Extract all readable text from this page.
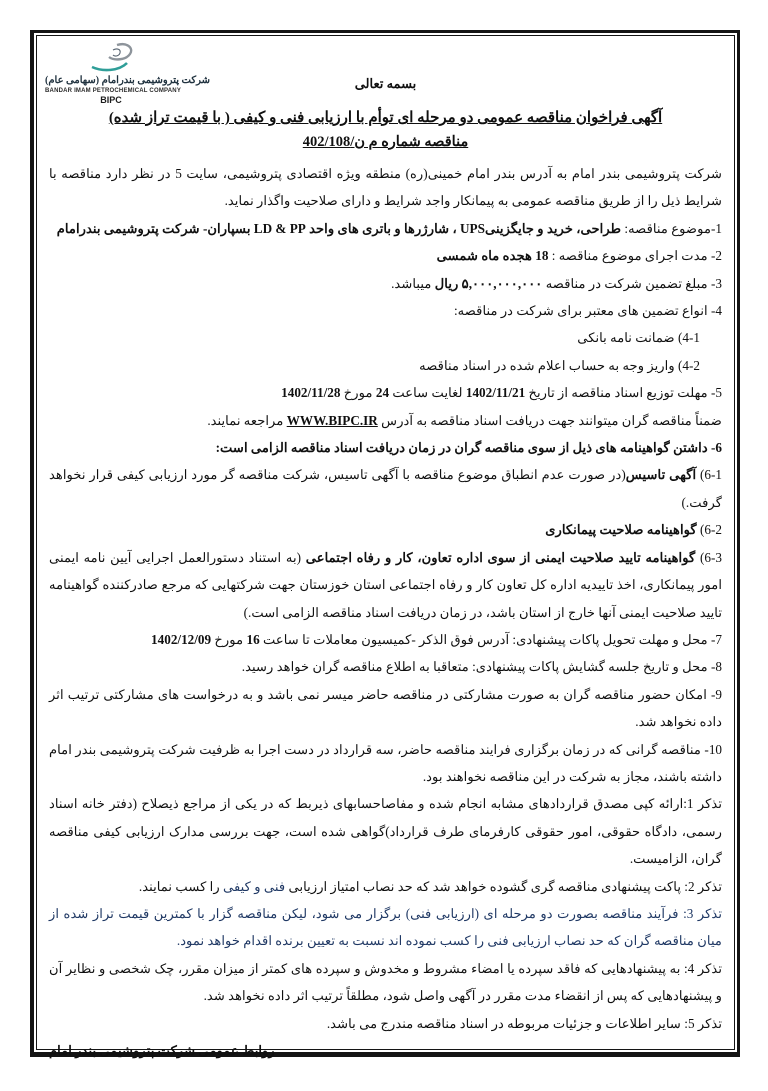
شرکت پتروشیمی بندرامام (سهامی عام)
BANDAR IMAM PETROCHEMICAL COMPANY
BIPC

بسمه تعالی

آگهی فراخوان مناقصه عمومی دو مرحله ای توأم با ارزیابی فنی و کیفی ( با قیمت تراز شده)

مناقصه شماره م ن/402/108

شرکت پتروشیمی بندر امام به آدرس بندر امام خمینی(ره) منطقه ویژه اقتصادی پتروشیمی، سایت 5 در نظر دارد مناقصه با شرایط ذیل را از طریق مناقصه عمومی به پیمانکار واجد شرایط و دارای صلاحیت واگذار نماید.

1-موضوع مناقصه: طراحی، خرید و جایگزینیUPS ، شارژرها و باتری های واحد LD & PP بسپاران- شرکت پتروشیمی بندرامام

2- مدت اجرای موضوع مناقصه : 18 هجده ماه شمسی

3- مبلغ تضمین شرکت در مناقصه ۵,۰۰۰,۰۰۰,۰۰۰ ریال میباشد.

4- انواع تضمین های معتبر برای شرکت در مناقصه:

4-1) ضمانت نامه بانکی

4-2) واریز وجه به حساب اعلام شده در اسناد مناقصه

5- مهلت توزیع اسناد مناقصه از تاریخ 1402/11/21 لغایت ساعت 24 مورخ 1402/11/28

ضمناً مناقصه گران میتوانند جهت دریافت اسناد مناقصه به آدرس WWW.BIPC.IR مراجعه نمایند.

6- داشتن گواهینامه های ذیل از سوی مناقصه گران در زمان دریافت اسناد مناقصه الزامی است:

6-1) آگهی تاسیس(در صورت عدم انطباق موضوع مناقصه با آگهی تاسیس، شرکت مناقصه گر مورد ارزیابی کیفی قرار نخواهد گرفت.)

6-2) گواهینامه صلاحیت پیمانکاری

6-3) گواهینامه تایید صلاحیت ایمنی از سوی اداره تعاون، کار و رفاه اجتماعی (به استناد دستورالعمل اجرایی آیین نامه ایمنی امور پیمانکاری، اخذ تاییدیه اداره کل تعاون کار و رفاه اجتماعی استان خوزستان جهت شرکتهایی که مرجع صادرکننده گواهینامه تایید صلاحیت ایمنی آنها خارج از استان باشد، در زمان دریافت اسناد مناقصه الزامی است.)

7- محل و مهلت تحویل پاکات پیشنهادی: آدرس فوق الذکر -کمیسیون معاملات تا ساعت 16 مورخ 1402/12/09

8- محل و تاریخ جلسه گشایش پاکات پیشنهادی: متعاقبا به اطلاع مناقصه گران خواهد رسید.

9- امکان حضور مناقصه گران به صورت مشارکتی در مناقصه حاضر میسر نمی باشد و به درخواست های مشارکتی ترتیب اثر داده نخواهد شد.

10- مناقصه گرانی که در زمان برگزاری فرایند مناقصه حاضر، سه قرارداد در دست اجرا به ظرفیت شرکت پتروشیمی بندر امام داشته باشند، مجاز به شرکت در این مناقصه نخواهند بود.

تذکر 1:ارائه کپی مصدق قراردادهای مشابه انجام شده و مفاصاحسابهای ذیربط که در یکی از مراجع ذیصلاح (دفتر خانه اسناد رسمی، دادگاه حقوقی، امور حقوقی کارفرمای طرف قرارداد)گواهی شده است، جهت بررسی مدارک ارزیابی کیفی مناقصه گران، الزامیست.

تذکر 2: پاکت پیشنهادی مناقصه گری گشوده خواهد شد که حد نصاب امتیاز ارزیابی فنی و کیفی را کسب نمایند.

تذکر 3: فرآیند مناقصه بصورت دو مرحله ای (ارزیابی فنی) برگزار می شود، لیکن مناقصه گزار با کمترین قیمت تراز شده از میان مناقصه گران که حد نصاب ارزیابی فنی را کسب نموده اند نسبت به تعیین برنده اقدام خواهد نمود.

تذکر 4: به پیشنهادهایی که فاقد سپرده یا امضاء مشروط و مخدوش و سپرده های کمتر از میزان مقرر، چک شخصی و نظایر آن و پیشنهادهایی که پس از انقضاء مدت مقرر در آگهی واصل شود، مطلقاً ترتیب اثر داده نخواهد شد.

تذکر 5: سایر اطلاعات و جزئیات مربوطه در اسناد مناقصه مندرج می باشد.

روابط عمومی شرکت پتروشیمی بندر امام
